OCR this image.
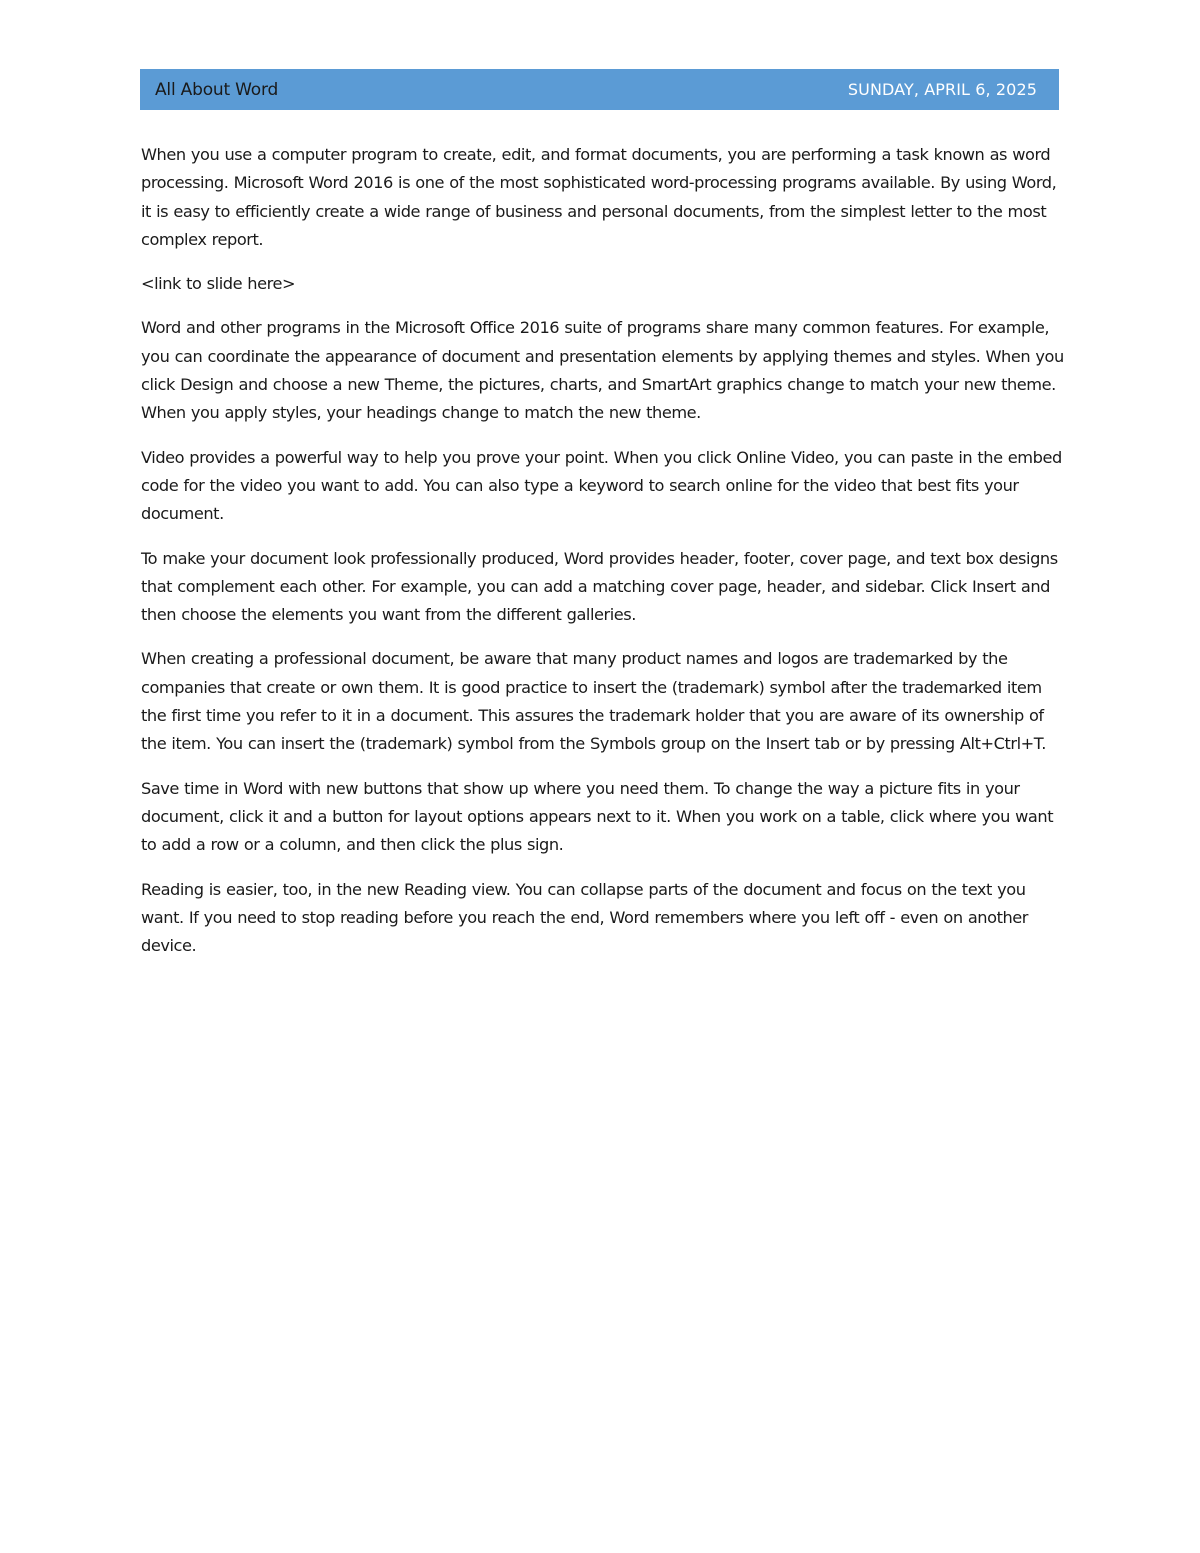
All About Word	SUNDAY, APRIL 6, 2025

When you use a computer program to create, edit, and format documents, you are performing a task known as word processing. Microsoft Word 2016 is one of the most sophisticated word-processing programs available. By using Word, it is easy to efficiently create a wide range of business and personal documents, from the simplest letter to the most complex report.

<link to slide here>

Word and other programs in the Microsoft Office 2016 suite of programs share many common features. For example, you can coordinate the appearance of document and presentation elements by applying themes and styles. When you click Design and choose a new Theme, the pictures, charts, and SmartArt graphics change to match your new theme. When you apply styles, your headings change to match the new theme.

Video provides a powerful way to help you prove your point. When you click Online Video, you can paste in the embed code for the video you want to add. You can also type a keyword to search online for the video that best fits your document.

To make your document look professionally produced, Word provides header, footer, cover page, and text box designs that complement each other. For example, you can add a matching cover page, header, and sidebar. Click Insert and then choose the elements you want from the different galleries.

When creating a professional document, be aware that many product names and logos are trademarked by the companies that create or own them. It is good practice to insert the (trademark) symbol after the trademarked item the first time you refer to it in a document. This assures the trademark holder that you are aware of its ownership of the item. You can insert the (trademark) symbol from the Symbols group on the Insert tab or by pressing Alt+Ctrl+T.

Save time in Word with new buttons that show up where you need them. To change the way a picture fits in your document, click it and a button for layout options appears next to it. When you work on a table, click where you want to add a row or a column, and then click the plus sign.

Reading is easier, too, in the new Reading view. You can collapse parts of the document and focus on the text you want. If you need to stop reading before you reach the end, Word remembers where you left off - even on another device.
